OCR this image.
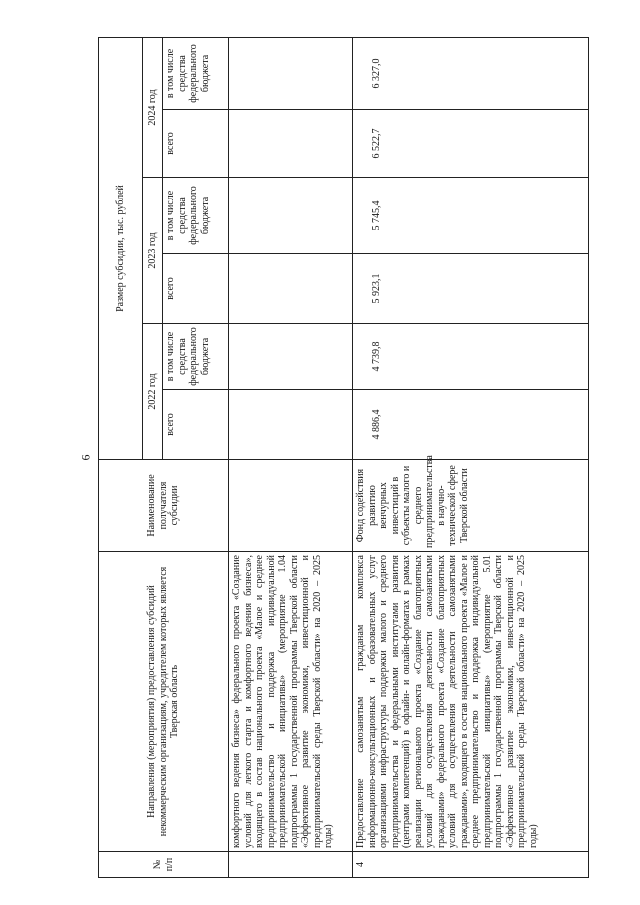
6
№ п/п	Направления (мероприятия) предоставления субсидий некоммерческим организациям, учредителем которых является Тверская область	Наименование получателя субсидии	Размер субсидии, тыс. рублей					
			2022 год		2023 год		2024 год	
			всего	в том числе средства федерального бюджета	всего	в том числе средства федерального бюджета	всего	в том числе средства федерального бюджета
	комфортного ведения бизнеса» федерального проекта «Создание условий для легкого старта и комфортного ведения бизнеса», входящего в состав национального проекта «Малое и среднее предпринимательство и поддержка индивидуальной предпринимательской инициативы» (мероприятие 1.04 подпрограммы 1 государственной программы Тверской области «Эффективное развитие экономики, инвестиционной и предпринимательской среды Тверской области» на 2020 – 2025 годы)							
4	Предоставление самозанятым гражданам комплекса информационно-консультационных и образовательных услуг организациями инфраструктуры поддержки малого и среднего предпринимательства и федеральными институтами развития (центрами компетенций) в офлайн- и онлайн-форматах в рамках реализации регионального проекта «Создание благоприятных условий для осуществления деятельности самозанятыми гражданами» федерального проекта «Создание благоприятных условий для осуществления деятельности самозанятыми гражданами», входящего в состав национального проекта «Малое и среднее предпринимательство и поддержка индивидуальной предпринимательской инициативы» (мероприятие 5.01 подпрограммы 1 государственной программы Тверской области «Эффективное развитие экономики, инвестиционной и предпринимательской среды Тверской области» на 2020 – 2025 годы)	Фонд содействия развитию венчурных инвестиций в субъекты малого и среднего предпринимательства в научно-технической сфере Тверской области	4 886,4	4 739,8	5 923,1	5 745,4	6 522,7	6 327,0
